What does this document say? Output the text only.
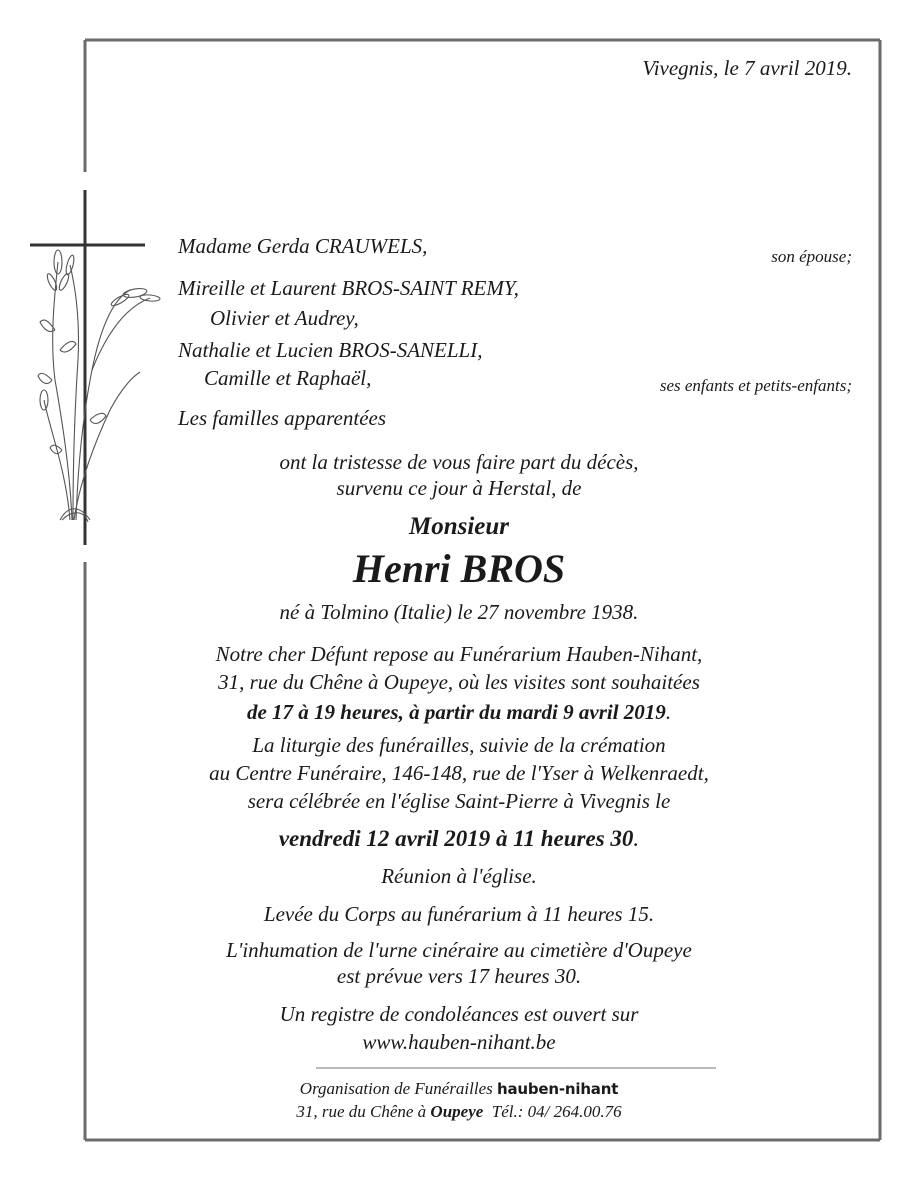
Vivegnis, le 7 avril 2019.
Madame Gerda CRAUWELS,	son épouse;
Mireille et Laurent BROS-SAINT REMY,
Olivier et Audrey,
Nathalie et Lucien BROS-SANELLI,
Camille et Raphaël,	ses enfants et petits-enfants;
Les familles apparentées
ont la tristesse de vous faire part du décès,
survenu ce jour à Herstal, de
Monsieur
Henri BROS
né à Tolmino (Italie) le 27 novembre 1938.
Notre cher Défunt repose au Funérarium Hauben-Nihant,
31, rue du Chêne à Oupeye, où les visites sont souhaitées
de 17 à 19 heures, à partir du mardi 9 avril 2019.
La liturgie des funérailles, suivie de la crémation
au Centre Funéraire, 146-148, rue de l'Yser à Welkenraedt,
sera célébrée en l'église Saint-Pierre à Vivegnis le
vendredi 12 avril 2019 à 11 heures 30.
Réunion à l'église.
Levée du Corps au funérarium à 11 heures 15.
L'inhumation de l'urne cinéraire au cimetière d'Oupeye
est prévue vers 17 heures 30.
Un registre de condoléances est ouvert sur
www.hauben-nihant.be
Organisation de Funérailles hauben-nihant
31, rue du Chêne à Oupeye Tél.: 04/ 264.00.76
